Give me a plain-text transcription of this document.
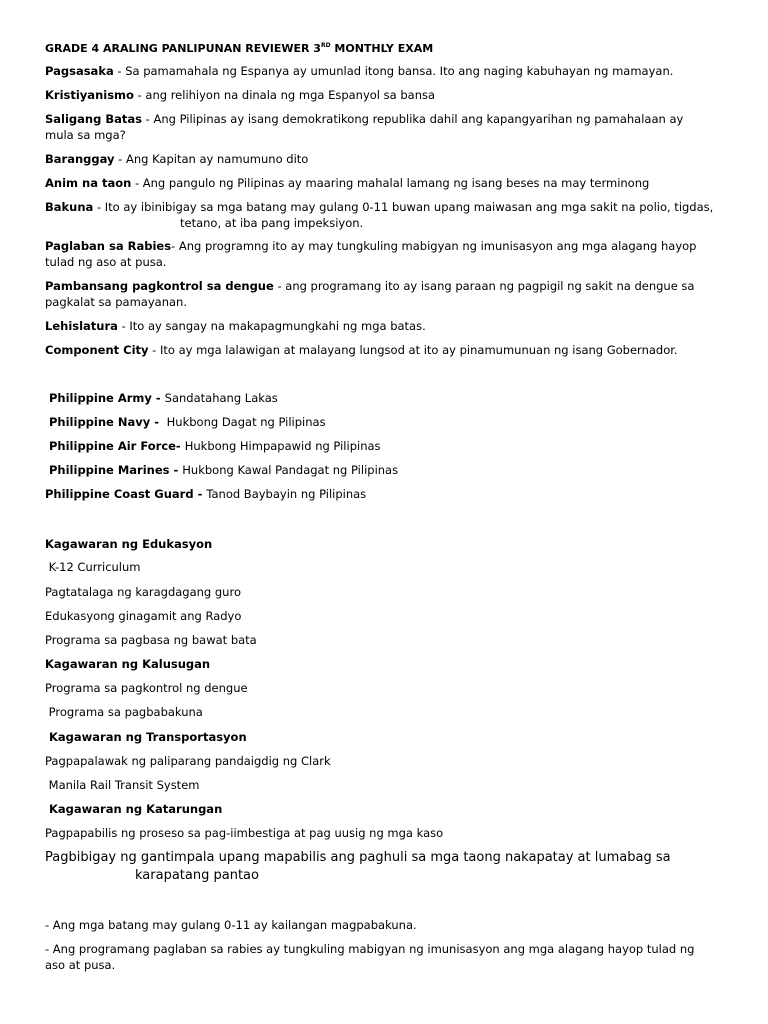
GRADE 4 ARALING PANLIPUNAN REVIEWER 3RD MONTHLY EXAM

Pagsasaka - Sa pamamahala ng Espanya ay umunlad itong bansa. Ito ang naging kabuhayan ng mamayan.

Kristiyanismo - ang relihiyon na dinala ng mga Espanyol sa bansa

Saligang Batas - Ang Pilipinas ay isang demokratikong republika dahil ang kapangyarihan ng pamahalaan ay mula sa mga?

Baranggay - Ang Kapitan ay namumuno dito

Anim na taon - Ang pangulo ng Pilipinas ay maaring mahalal lamang ng isang beses na may terminong

Bakuna - Ito ay ibinibigay sa mga batang may gulang 0-11 buwan upang maiwasan ang mga sakit na polio, tigdas,

tetano, at iba pang impeksiyon.

Paglaban sa Rabies- Ang programng ito ay may tungkuling mabigyan ng imunisasyon ang mga alagang hayop tulad ng aso at pusa.

Pambansang pagkontrol sa dengue - ang programang ito ay isang paraan ng pagpigil ng sakit na dengue sa pagkalat sa pamayanan.

Lehislatura - Ito ay sangay na makapagmungkahi ng mga batas.

Component City - Ito ay mga lalawigan at malayang lungsod at ito ay pinamumunuan ng isang Gobernador.

Philippine Army - Sandatahang Lakas

Philippine Navy -  Hukbong Dagat ng Pilipinas

Philippine Air Force- Hukbong Himpapawid ng Pilipinas

Philippine Marines - Hukbong Kawal Pandagat ng Pilipinas

Philippine Coast Guard - Tanod Baybayin ng Pilipinas

Kagawaran ng Edukasyon

K-12 Curriculum

Pagtatalaga ng karagdagang guro

Edukasyong ginagamit ang Radyo

Programa sa pagbasa ng bawat bata

Kagawaran ng Kalusugan

Programa sa pagkontrol ng dengue

Programa sa pagbabakuna

Kagawaran ng Transportasyon

Pagpapalawak ng paliparang pandaigdig ng Clark

Manila Rail Transit System

Kagawaran ng Katarungan

Pagpapabilis ng proseso sa pag-iimbestiga at pag uusig ng mga kaso

Pagbibigay ng gantimpala upang mapabilis ang paghuli sa mga taong nakapatay at lumabag sa

karapatang pantao

- Ang mga batang may gulang 0-11 ay kailangan magpabakuna.

- Ang programang paglaban sa rabies ay tungkuling mabigyan ng imunisasyon ang mga alagang hayop tulad ng aso at pusa.
